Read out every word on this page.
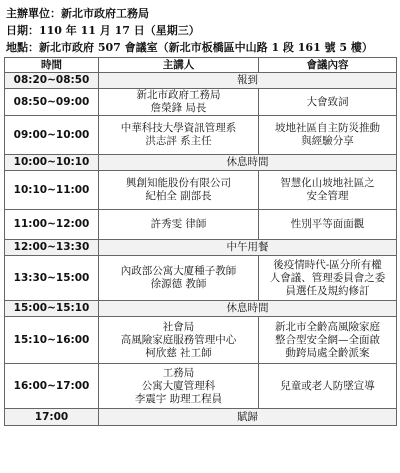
主辦單位：新北市政府工務局
日期：110 年 11 月 17 日（星期三）
地點：新北市政府 507 會議室（新北市板橋區中山路 1 段 161 號 5 樓）
時間	主講人	會議內容
08:20~08:50	報到	

08:50~09:00	新北市政府工務局
詹榮鋒 局長	大會致詞

09:00~10:00	中華科技大學資訊管理系
洪志評 系主任	坡地社區自主防災推動
與經驗分享

10:00~10:10	休息時間	

10:10~11:00	興創知能股份有限公司
紀柏全 副部長	智慧化山坡地社區之
安全管理

11:00~12:00	許秀雯 律師	性別平等面面觀

12:00~13:30	中午用餐	

13:30~15:00	內政部公寓大廈種子教師
徐源德 教師	後疫情時代-區分所有權
人會議、管理委員會之委
員選任及規約修訂

15:00~15:10	休息時間	

15:10~16:00	社會局
高風險家庭服務管理中心
柯欣慈 社工師	新北市全齡高風險家庭
整合型安全網—全面啟
動跨局處全齡派案

16:00~17:00	工務局
公寓大廈管理科
李震宇 助理工程員	兒童或老人防墜宣導

17:00	賦歸	
